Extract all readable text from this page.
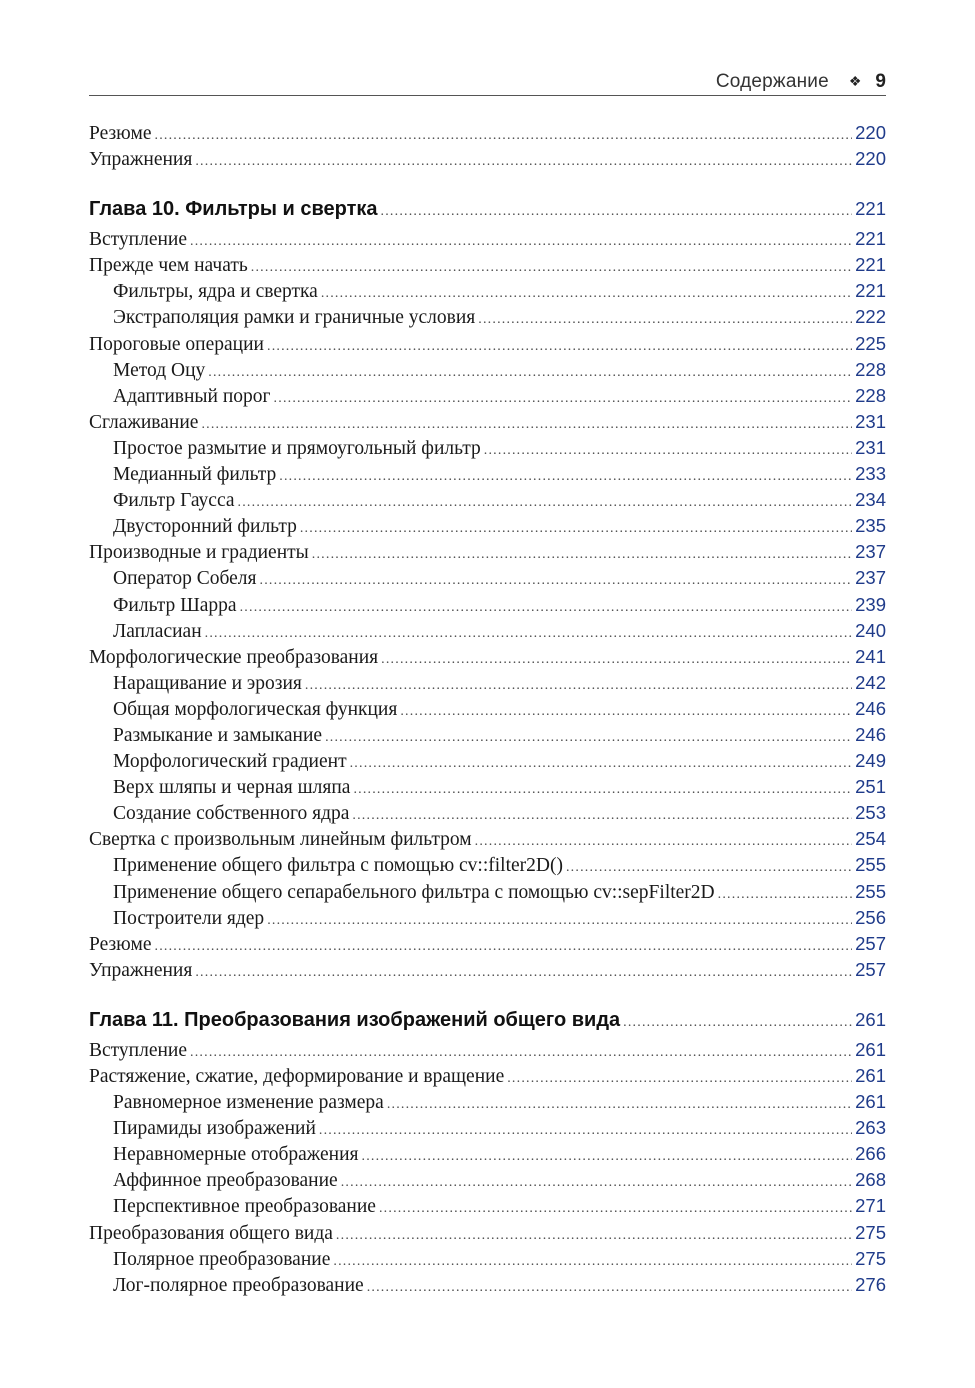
Содержание ❖ 9
Резюме .....	220
Упражнения .....	220
Глава 10. Фильтры и свертка .....	221
Вступление .....	221
Прежде чем начать .....	221
Фильтры, ядра и свертка .....	221
Экстраполяция рамки и граничные условия .....	222
Пороговые операции .....	225
Метод Оцу .....	228
Адаптивный порог .....	228
Сглаживание .....	231
Простое размытие и прямоугольный фильтр .....	231
Медианный фильтр .....	233
Фильтр Гаусса .....	234
Двусторонний фильтр .....	235
Производные и градиенты .....	237
Оператор Собеля .....	237
Фильтр Шарра .....	239
Лапласиан .....	240
Морфологические преобразования .....	241
Наращивание и эрозия .....	242
Общая морфологическая функция .....	246
Размыкание и замыкание .....	246
Морфологический градиент .....	249
Верх шляпы и черная шляпа .....	251
Создание собственного ядра .....	253
Свертка с произвольным линейным фильтром .....	254
Применение общего фильтра с помощью cv::filter2D() .....	255
Применение общего сепарабельного фильтра с помощью cv::sepFilter2D .....	255
Построители ядер .....	256
Резюме .....	257
Упражнения .....	257
Глава 11. Преобразования изображений общего вида .....	261
Вступление .....	261
Растяжение, сжатие, деформирование и вращение .....	261
Равномерное изменение размера .....	261
Пирамиды изображений .....	263
Неравномерные отображения .....	266
Аффинное преобразование .....	268
Перспективное преобразование .....	271
Преобразования общего вида .....	275
Полярное преобразование .....	275
Лог-полярное преобразование .....	276
